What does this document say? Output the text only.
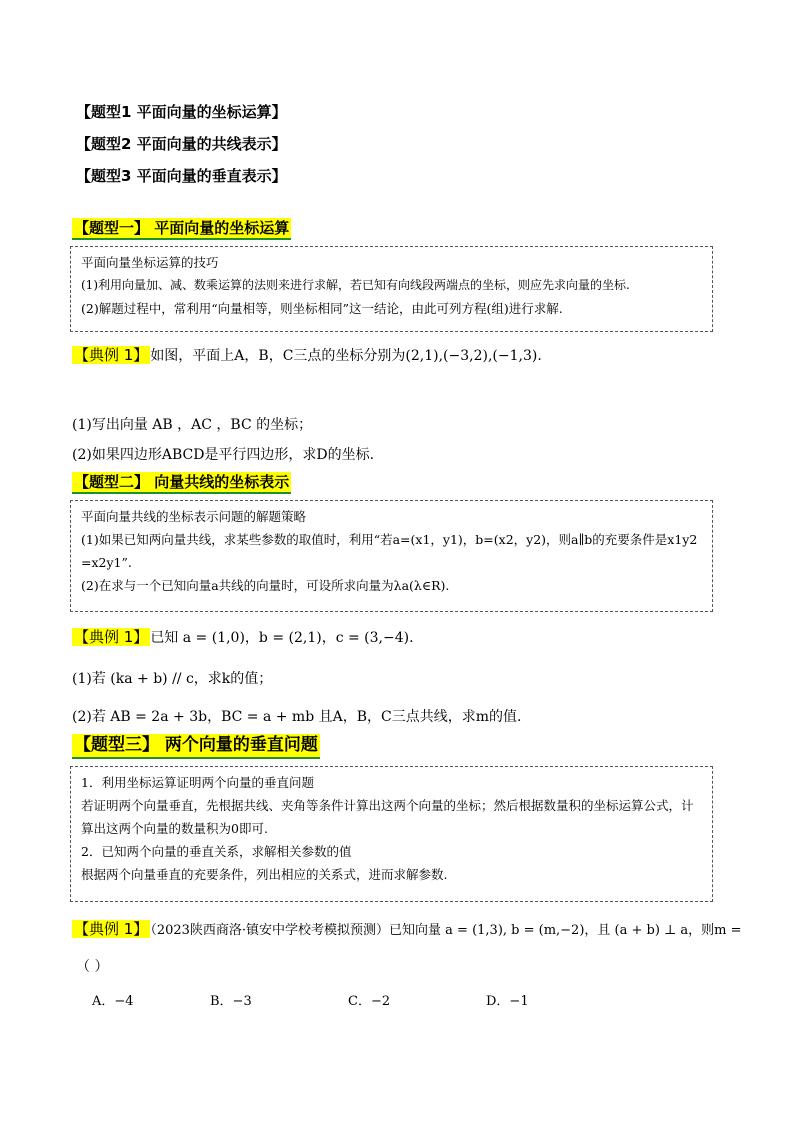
【题型1 平面向量的坐标运算】
【题型2 平面向量的共线表示】
【题型3 平面向量的垂直表示】
【题型一】 平面向量的坐标运算
平面向量坐标运算的技巧
(1)利用向量加、减、数乘运算的法则来进行求解，若已知有向线段两端点的坐标，则应先求向量的坐标.
(2)解题过程中，常利用“向量相等，则坐标相同”这一结论，由此可列方程(组)进行求解.
【典例 1】 如图，平面上A，B，C三点的坐标分别为(2,1),(−3,2),(−1,3).
(1)写出向量 AB ，AC ，BC 的坐标；
(2)如果四边形ABCD是平行四边形，求D的坐标.
【题型二】 向量共线的坐标表示
平面向量共线的坐标表示问题的解题策略
(1)如果已知两向量共线，求某些参数的取值时，利用“若a=(x1，y1)，b=(x2，y2)，则a∥b的充要条件是x1y2 =x2y1”.
(2)在求与一个已知向量a共线的向量时，可设所求向量为λa(λ∈R).
【典例 1】 已知 a = (1,0)，b = (2,1)，c = (3,−4).
(1)若 (ka + b) // c，求k的值；
(2)若 AB = 2a + 3b，BC = a + mb 且A，B，C三点共线，求m的值.
【题型三】 两个向量的垂直问题
1．利用坐标运算证明两个向量的垂直问题
若证明两个向量垂直，先根据共线、夹角等条件计算出这两个向量的坐标；然后根据数量积的坐标运算公式，计算出这两个向量的数量积为0即可.
2．已知两个向量的垂直关系，求解相关参数的值
根据两个向量垂直的充要条件，列出相应的关系式，进而求解参数.
【典例 1】 （2023陕西商洛·镇安中学校考模拟预测）已知向量 a = (1,3), b = (m,−2)，且 (a + b) ⊥ a，则m =
（ ）
A．−4	B．−3	C．−2	D．−1
